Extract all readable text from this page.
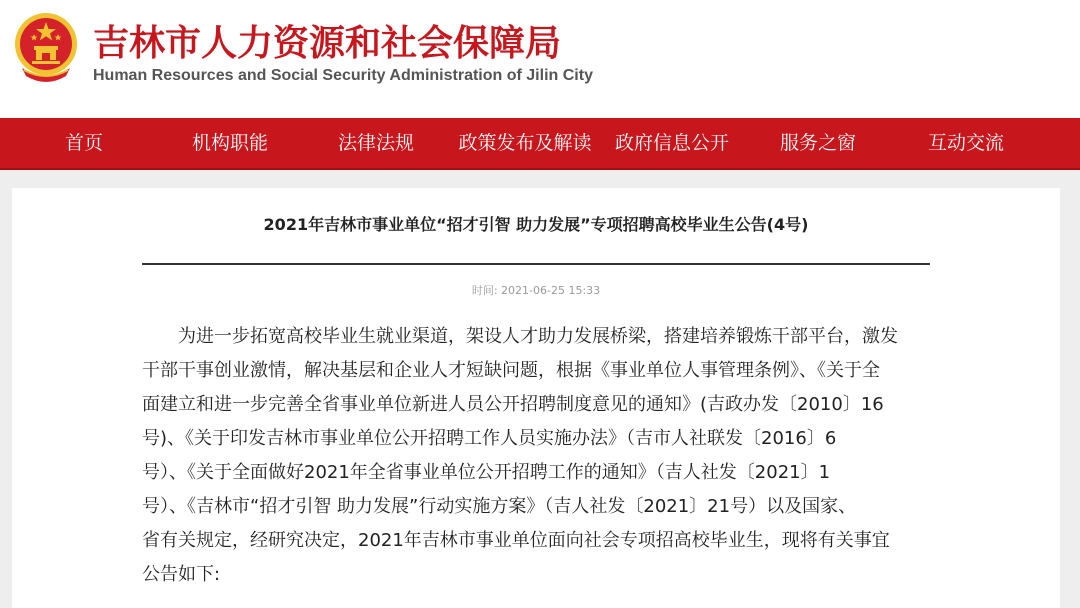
吉林市人力资源和社会保障局
Human Resources and Social Security Administration of Jilin City
首页	机构职能	法律法规	政策发布及解读	政府信息公开	服务之窗	互动交流
2021年吉林市事业单位“招才引智 助力发展”专项招聘高校毕业生公告(4号)
时间: 2021-06-25 15:33
　　为进一步拓宽高校毕业生就业渠道，架设人才助力发展桥梁，搭建培养锻炼干部平台，激发
干部干事创业激情，解决基层和企业人才短缺问题，根据《事业单位人事管理条例》、《关于全
面建立和进一步完善全省事业单位新进人员公开招聘制度意见的通知》(吉政办发〔2010〕16
号)、《关于印发吉林市事业单位公开招聘工作人员实施办法》（吉市人社联发〔2016〕6
号）、《关于全面做好2021年全省事业单位公开招聘工作的通知》（吉人社发〔2021〕1
号）、《吉林市“招才引智 助力发展”行动实施方案》（吉人社发〔2021〕21号）以及国家、
省有关规定，经研究决定，2021年吉林市事业单位面向社会专项招高校毕业生，现将有关事宜
公告如下:
